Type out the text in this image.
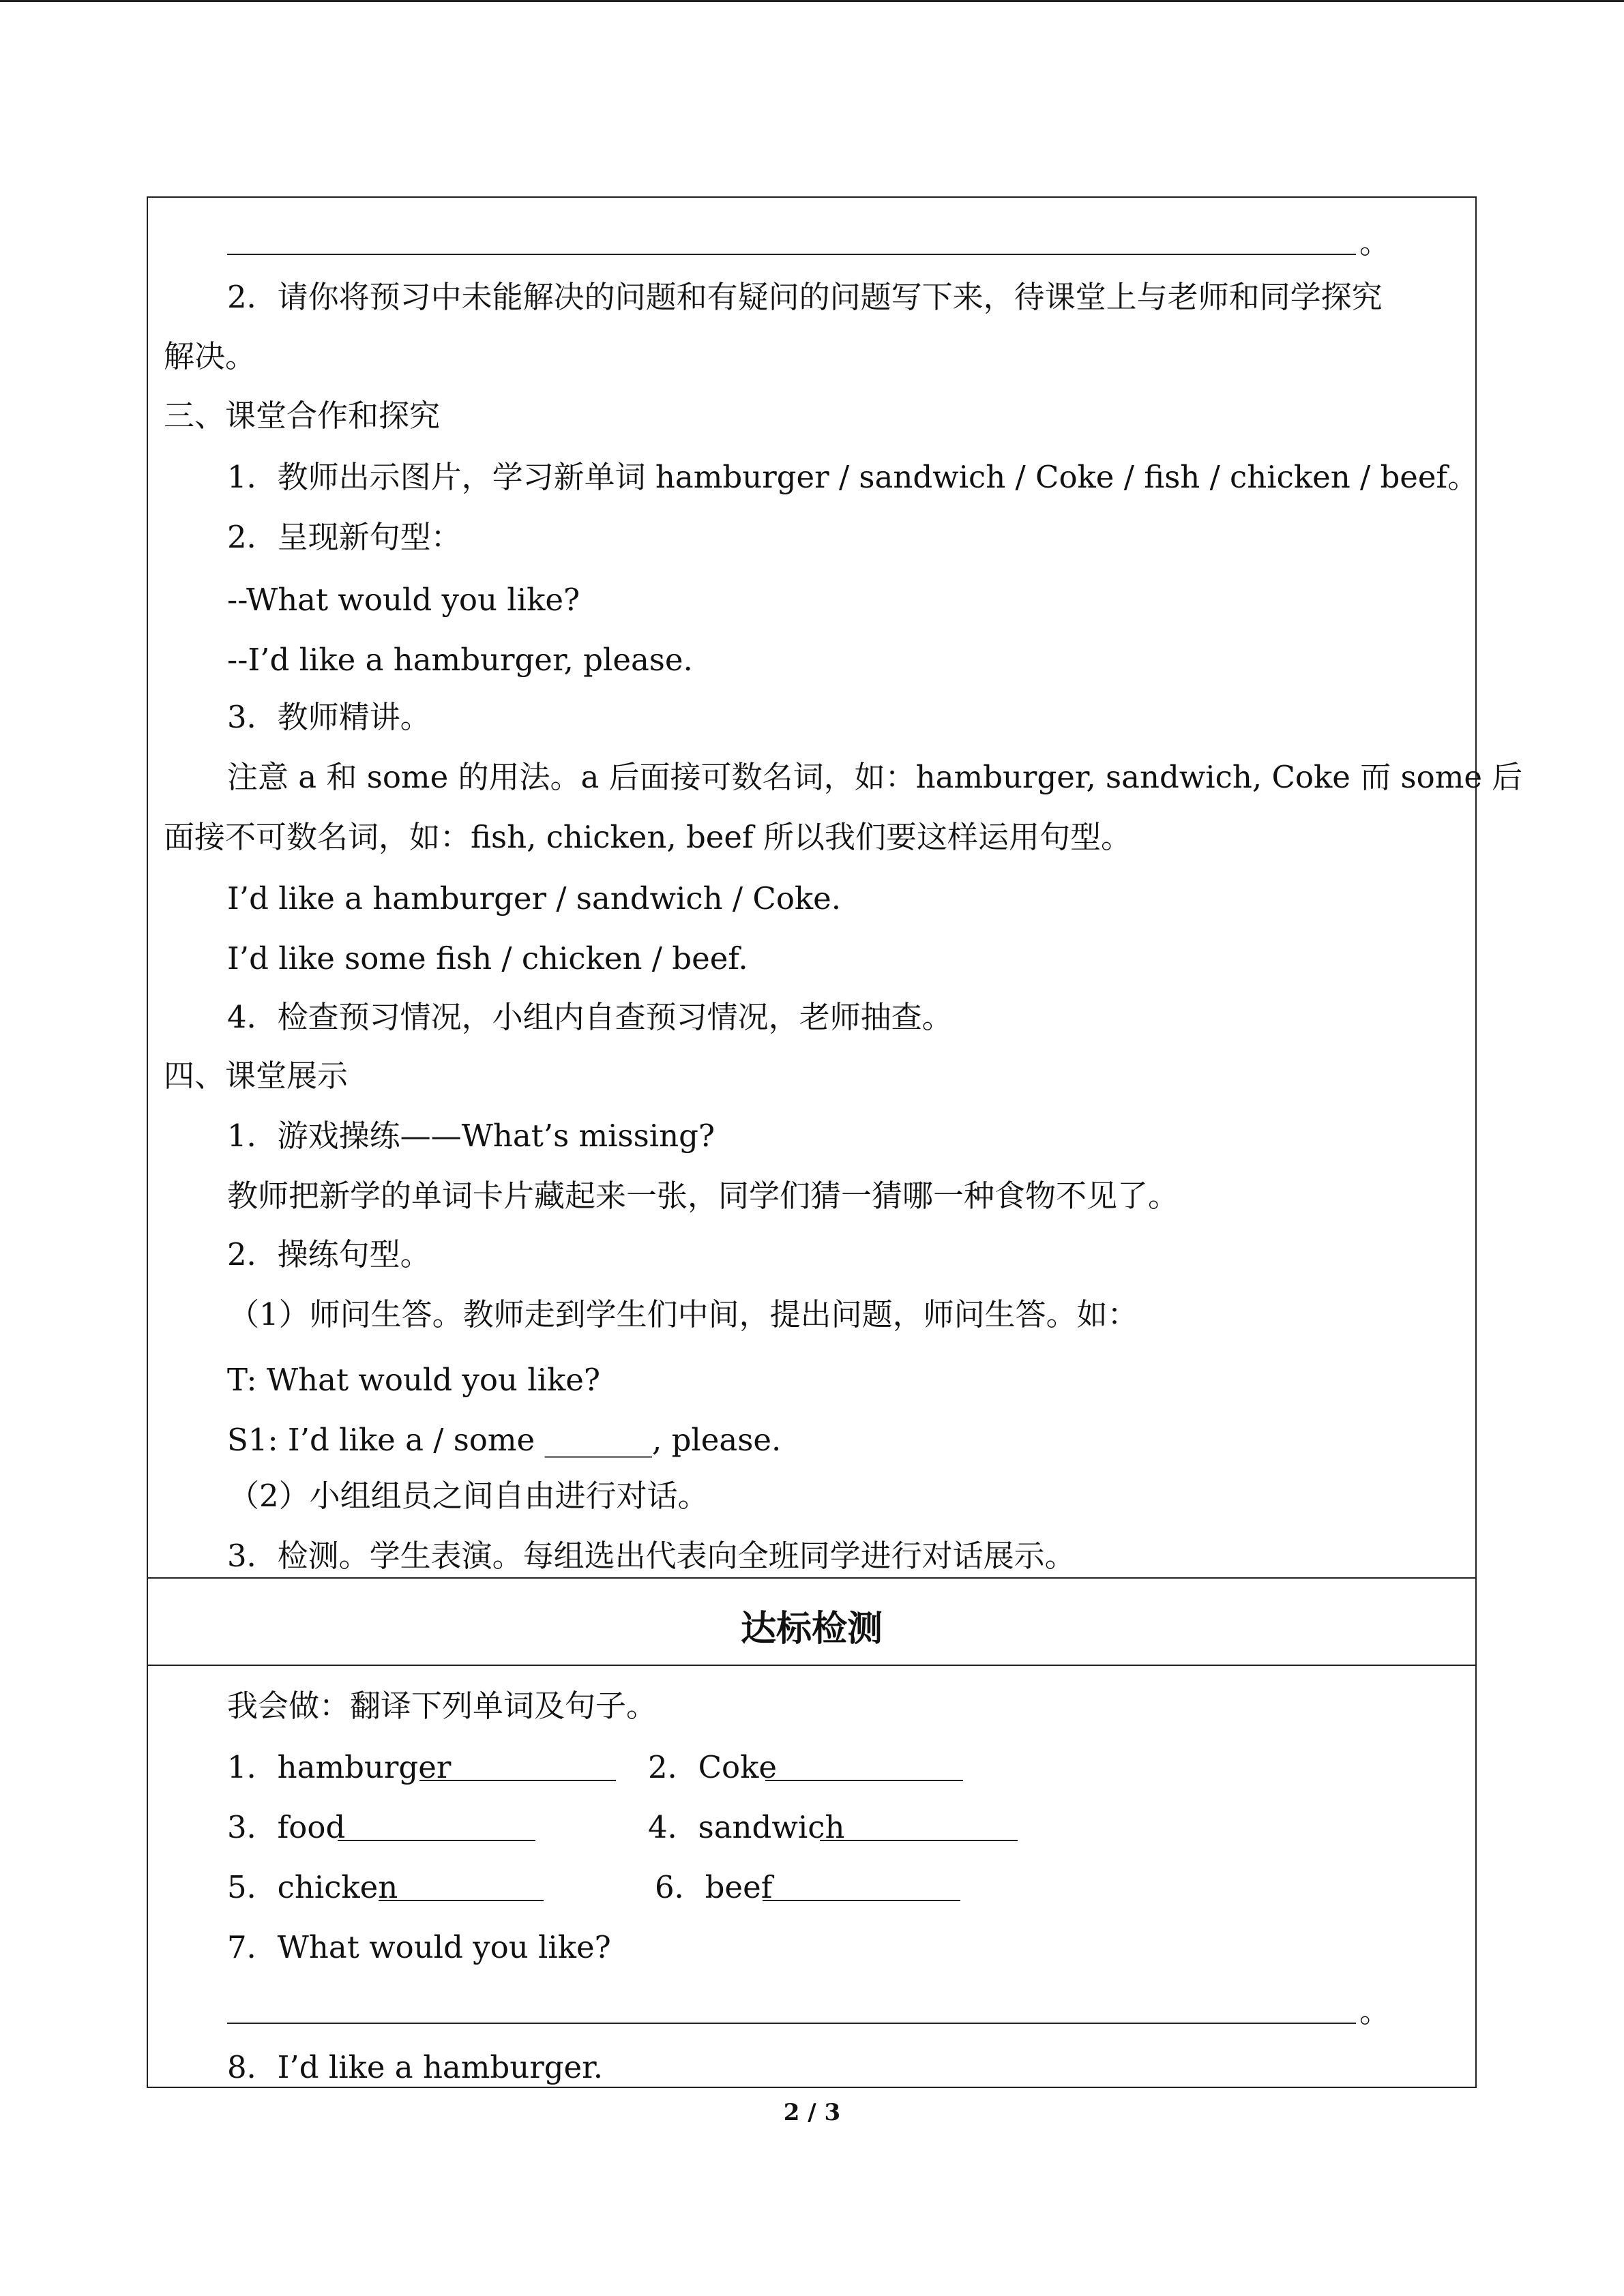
。
2．请你将预习中未能解决的问题和有疑问的问题写下来，待课堂上与老师和同学探究
解决。
三、课堂合作和探究
1．教师出示图片，学习新单词 hamburger / sandwich / Coke / fish / chicken / beef。
2．呈现新句型：
--What would you like?
--I’d like a hamburger, please.
3．教师精讲。
注意 a 和 some 的用法。a 后面接可数名词，如：hamburger, sandwich, Coke 而 some 后
面接不可数名词，如：fish, chicken, beef 所以我们要这样运用句型。
I’d like a hamburger / sandwich / Coke.
I’d like some fish / chicken / beef.
4．检查预习情况，小组内自查预习情况，老师抽查。
四、课堂展示
1．游戏操练——What’s missing?
教师把新学的单词卡片藏起来一张，同学们猜一猜哪一种食物不见了。
2．操练句型。
（1）师问生答。教师走到学生们中间，提出问题，师问生答。如：
T: What would you like?
S1: I’d like a / some _______, please.
（2）小组组员之间自由进行对话。
3．检测。学生表演。每组选出代表向全班同学进行对话展示。
达标检测
我会做：翻译下列单词及句子。
1．hamburger	2．Coke
3．food	4．sandwich
5．chicken	6．beef
7．What would you like?
。
8．I’d like a hamburger.
2 / 3
